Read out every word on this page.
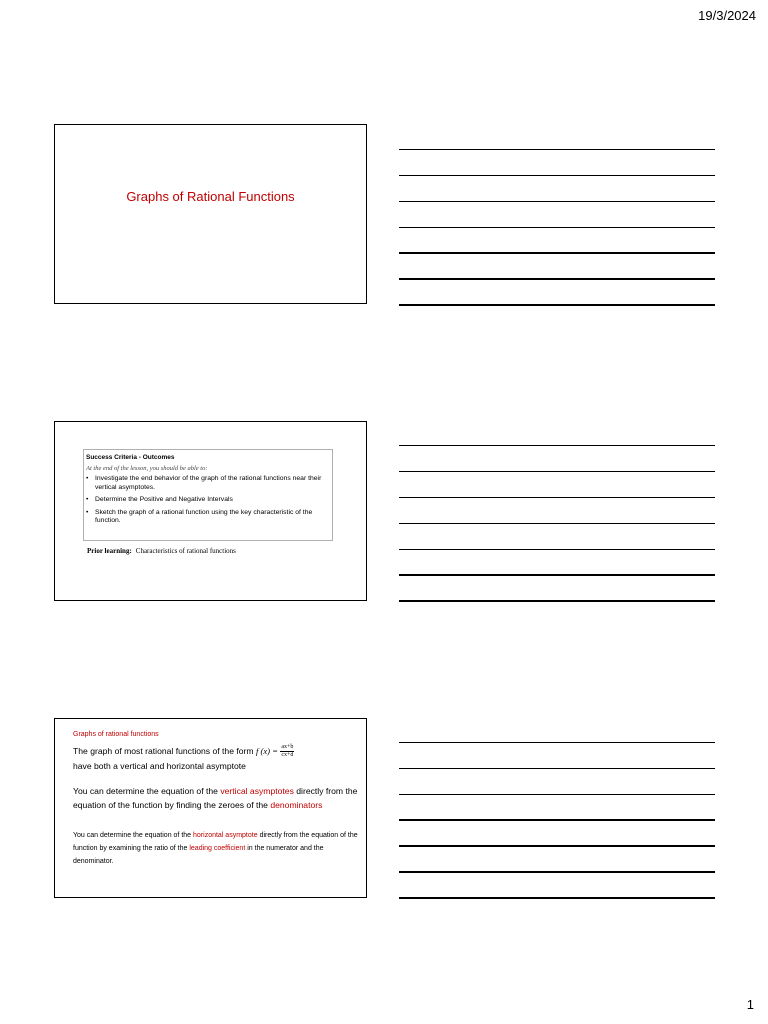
19/3/2024
Graphs of Rational Functions
Success Criteria - Outcomes
At the end of the lesson, you should be able to:
• Investigate the end behavior of the graph of the rational functions near their vertical asymptotes.
• Determine the Positive and Negative Intervals
• Sketch the graph of a rational function using the key characteristic of the function.
Prior learning: Characteristics of rational functions
Graphs of rational functions
The graph of most rational functions of the form f $(x) = \frac{ax+b}{cx+d}$

have both a vertical and horizontal asymptote
You can determine the equation of the vertical asymptotes directly from the equation of the function by finding the zeroes of the denominators
You can determine the equation of the horizontal asymptote directly from the equation of the function by examining the ratio of the leading coefficient in the numerator and the denominator.
1
